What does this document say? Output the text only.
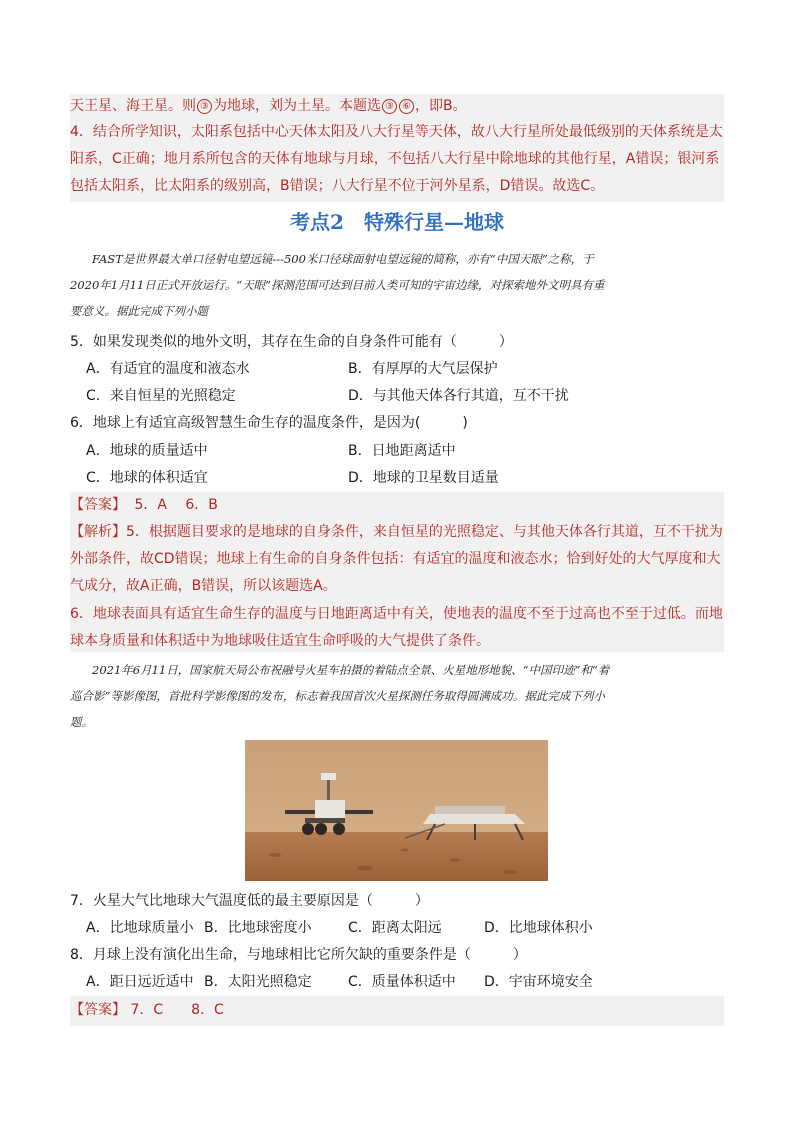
天王星、海王星。则 ③ 为地球，刘为土星。本题选 ③ ⑥ ，即B。
4．结合所学知识，太阳系包括中心天体太阳及八大行星等天体，故八大行星所处最低级别的天体系统是太
阳系，C正确；地月系所包含的天体有地球与月球，不包括八大行星中除地球的其他行星，A错误；银河系
包括太阳系，比太阳系的级别高，B错误；八大行星不位于河外星系，D错误。故选C。
考点2　特殊行星—地球

FAST是世界最大单口径射电望远镜---500米口径球面射电望远镜的简称，亦有“中国天眼”之称，于

2020年1月11日正式开放运行。“天眼”探测范围可达到目前人类可知的宇宙边缘，对探索地外文明具有重

要意义。据此完成下列小题

5．如果发现类似的地外文明，其存在生命的自身条件可能有（　　　）
A．有适宜的温度和液态水	B．有厚厚的大气层保护
C．来自恒星的光照稳定	D．与其他天体各行其道，互不干扰
6．地球上有适宜高级智慧生命生存的温度条件，是因为(　　　)
A．地球的质量适中	B．日地距离适中
C．地球的体积适宜	D．地球的卫星数目适量
【答案】 5．A　 6．B
【解析】5．根据题目要求的是地球的自身条件，来自恒星的光照稳定、与其他天体各行其道，互不干扰为
外部条件，故CD错误；地球上有生命的自身条件包括：有适宜的温度和液态水；恰到好处的大气厚度和大
气成分，故A正确，B错误，所以该题选A。
6．地球表面具有适宜生命生存的温度与日地距离适中有关，使地表的温度不至于过高也不至于过低。而地
球本身质量和体积适中为地球吸住适宜生命呼吸的大气提供了条件。

2021年6月11日，国家航天局公布祝融号火星车拍摄的着陆点全景、火星地形地貌、“中国印迹”和“着

巡合影”等影像图，首批科学影像图的发布，标志着我国首次火星探测任务取得圆满成功。据此完成下列小

题。

7．火星大气比地球大气温度低的最主要原因是（　　　）
A．比地球质量小 B．比地球密度小	C．距离太阳远	D．比地球体积小
8．月球上没有演化出生命，与地球相比它所欠缺的重要条件是（　　　）
A．距日远近适中 B．太阳光照稳定	C．质量体积适中 D．宇宙环境安全
【答案】 7．C　　8．C
